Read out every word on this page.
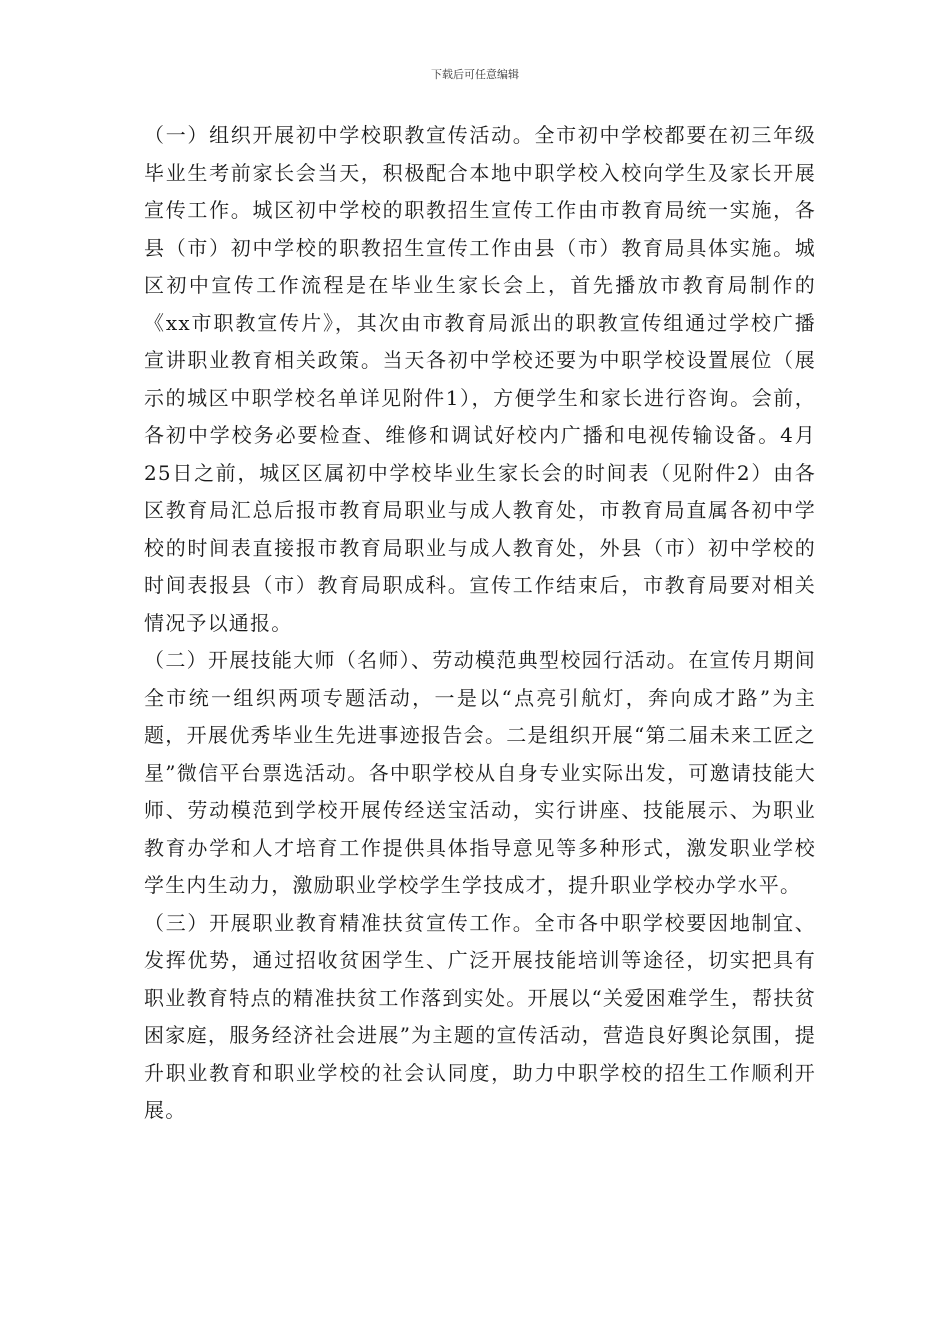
下载后可任意编辑

（一）组织开展初中学校职教宣传活动。全市初中学校都要在初三年级毕业生考前家长会当天，积极配合本地中职学校入校向学生及家长开展宣传工作。城区初中学校的职教招生宣传工作由市教育局统一实施，各县（市）初中学校的职教招生宣传工作由县（市）教育局具体实施。城区初中宣传工作流程是在毕业生家长会上，首先播放市教育局制作的《xx市职教宣传片》，其次由市教育局派出的职教宣传组通过学校广播宣讲职业教育相关政策。当天各初中学校还要为中职学校设置展位（展示的城区中职学校名单详见附件1），方便学生和家长进行咨询。会前，各初中学校务必要检查、维修和调试好校内广播和电视传输设备。4月25日之前，城区区属初中学校毕业生家长会的时间表（见附件2）由各区教育局汇总后报市教育局职业与成人教育处，市教育局直属各初中学校的时间表直接报市教育局职业与成人教育处，外县（市）初中学校的时间表报县（市）教育局职成科。宣传工作结束后，市教育局要对相关情况予以通报。

（二）开展技能大师（名师）、劳动模范典型校园行活动。在宣传月期间全市统一组织两项专题活动，一是以“点亮引航灯，奔向成才路”为主题，开展优秀毕业生先进事迹报告会。二是组织开展“第二届未来工匠之星”微信平台票选活动。各中职学校从自身专业实际出发，可邀请技能大师、劳动模范到学校开展传经送宝活动，实行讲座、技能展示、为职业教育办学和人才培育工作提供具体指导意见等多种形式，激发职业学校学生内生动力，激励职业学校学生学技成才，提升职业学校办学水平。

（三）开展职业教育精准扶贫宣传工作。全市各中职学校要因地制宜、发挥优势，通过招收贫困学生、广泛开展技能培训等途径，切实把具有职业教育特点的精准扶贫工作落到实处。开展以“关爱困难学生，帮扶贫困家庭，服务经济社会进展”为主题的宣传活动，营造良好舆论氛围，提升职业教育和职业学校的社会认同度，助力中职学校的招生工作顺利开展。
